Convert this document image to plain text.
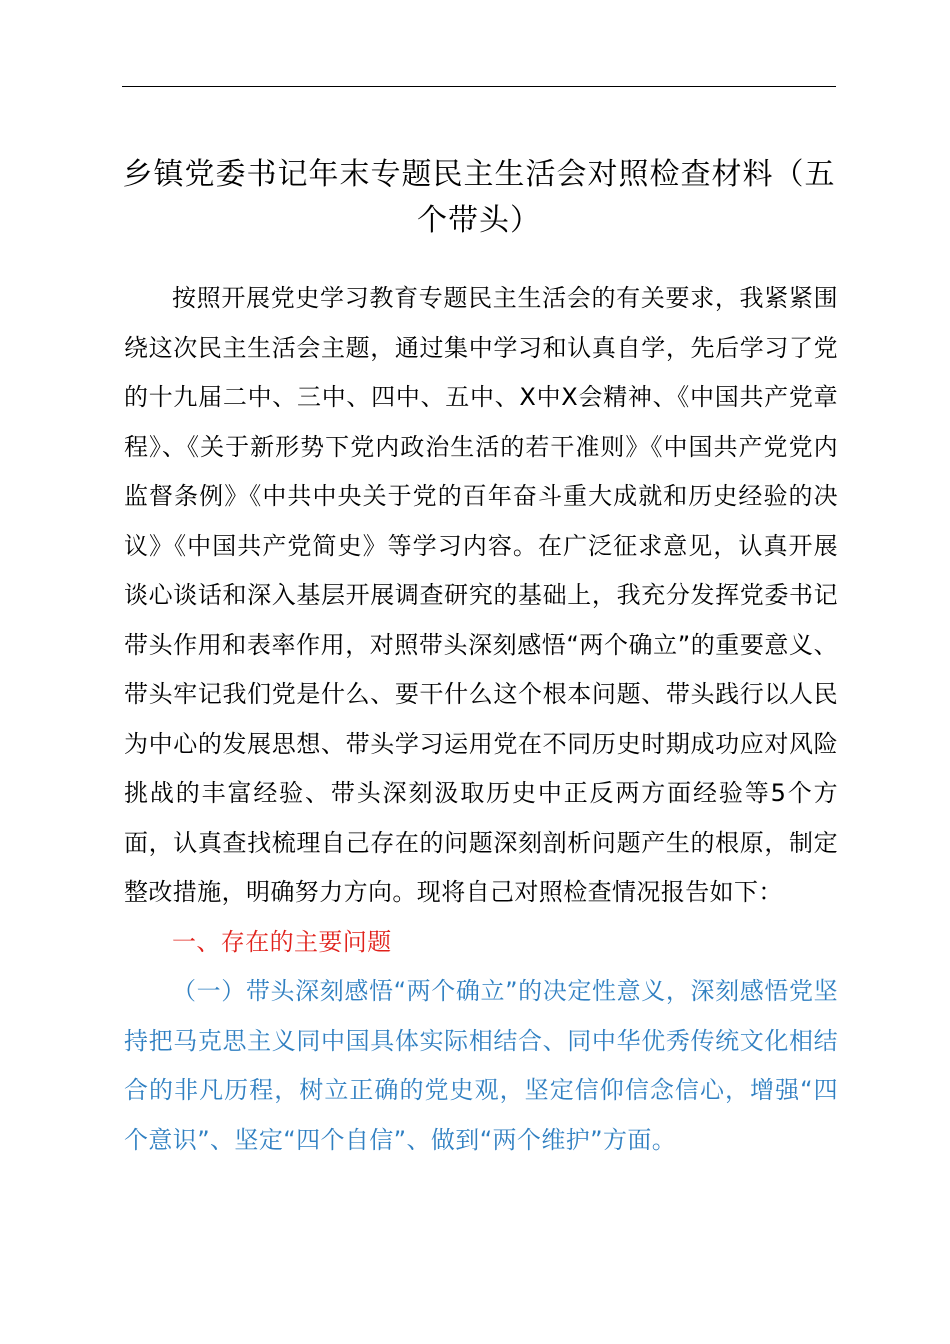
乡镇党委书记年末专题民主生活会对照检查材料（五个带头）

按照开展党史学习教育专题民主生活会的有关要求，我紧紧围绕这次民主生活会主题，通过集中学习和认真自学，先后学习了党的十九届二中、三中、四中、五中、X中X会精神、《中国共产党章程》、《关于新形势下党内政治生活的若干准则》《中国共产党党内监督条例》《中共中央关于党的百年奋斗重大成就和历史经验的决议》《中国共产党简史》等学习内容。在广泛征求意见，认真开展谈心谈话和深入基层开展调查研究的基础上，我充分发挥党委书记带头作用和表率作用，对照带头深刻感悟“两个确立”的重要意义、带头牢记我们党是什么、要干什么这个根本问题、带头践行以人民为中心的发展思想、带头学习运用党在不同历史时期成功应对风险挑战的丰富经验、带头深刻汲取历史中正反两方面经验等5个方面，认真查找梳理自己存在的问题深刻剖析问题产生的根原，制定整改措施，明确努力方向。现将自己对照检查情况报告如下：

一、存在的主要问题

（一）带头深刻感悟“两个确立”的决定性意义，深刻感悟党坚持把马克思主义同中国具体实际相结合、同中华优秀传统文化相结合的非凡历程，树立正确的党史观，坚定信仰信念信心，增强“四个意识”、坚定“四个自信”、做到“两个维护”方面。
